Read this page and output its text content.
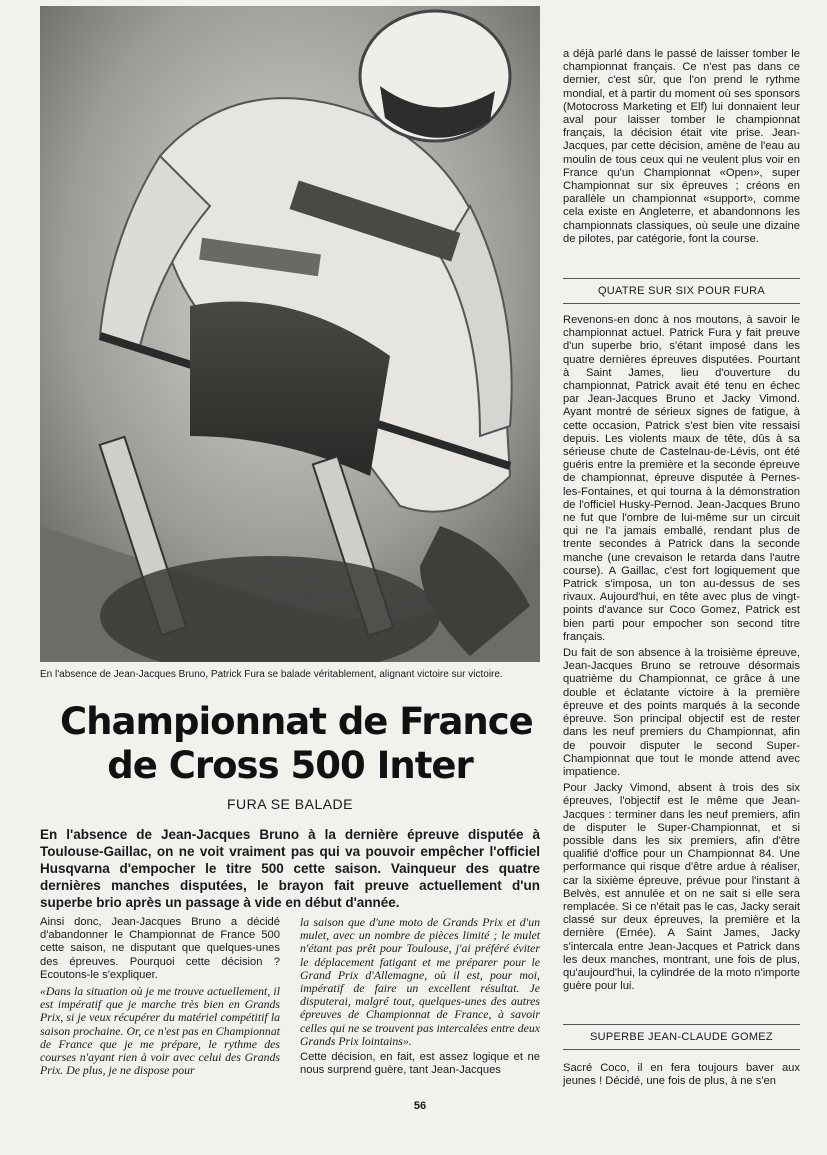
En l'absence de Jean-Jacques Bruno, Patrick Fura se balade véritablement, alignant victoire sur victoire.
Championnat de France
de Cross 500 Inter
FURA SE BALADE
En l'absence de Jean-Jacques Bruno à la dernière épreuve disputée à Toulouse-Gaillac, on ne voit vraiment pas qui va pouvoir empêcher l'officiel Husqvarna d'empocher le titre 500 cette saison. Vainqueur des quatre dernières manches disputées, le brayon fait preuve actuellement d'un superbe brio après un passage à vide en début d'année.

Ainsi donc, Jean-Jacques Bruno a décidé d'abandonner le Championnat de France 500 cette saison, ne disputant que quelques-unes des épreuves. Pourquoi cette décision ? Ecoutons-le s'expliquer.

«Dans la situation où je me trouve actuellement, il est impératif que je marche très bien en Grands Prix, si je veux récupérer du matériel compétitif la saison prochaine. Or, ce n'est pas en Championnat de France que je me prépare, le rythme des courses n'ayant rien à voir avec celui des Grands Prix. De plus, je ne dispose pour

la saison que d'une moto de Grands Prix et d'un mulet, avec un nombre de pièces limité ; le mulet n'étant pas prêt pour Toulouse, j'ai préféré éviter le déplacement fatigant et me préparer pour le Grand Prix d'Allemagne, où il est, pour moi, impératif de faire un excellent résultat. Je disputerai, malgré tout, quelques-unes des autres épreuves de Championnat de France, à savoir celles qui ne se trouvent pas intercalées entre deux Grands Prix lointains».

Cette décision, en fait, est assez logique et ne nous surprend guère, tant Jean-Jacques

a déjà parlé dans le passé de laisser tomber le championnat français. Ce n'est pas dans ce dernier, c'est sûr, que l'on prend le rythme mondial, et à partir du moment où ses sponsors (Motocross Marketing et Elf) lui donnaient leur aval pour laisser tomber le championnat français, la décision était vite prise. Jean-Jacques, par cette décision, amène de l'eau au moulin de tous ceux qui ne veulent plus voir en France qu'un Championnat «Open», super Championnat sur six épreuves ; créons en parallèle un championnat «support», comme cela existe en Angleterre, et abandonnons les championnats classiques, où seule une dizaine de pilotes, par catégorie, font la course.

QUATRE SUR SIX POUR FURA

Revenons-en donc à nos moutons, à savoir le championnat actuel. Patrick Fura y fait preuve d'un superbe brio, s'étant imposé dans les quatre dernières épreuves disputées. Pourtant à Saint James, lieu d'ouverture du championnat, Patrick avait été tenu en échec par Jean-Jacques Bruno et Jacky Vimond. Ayant montré de sérieux signes de fatigue, à cette occasion, Patrick s'est bien vite ressaisi depuis. Les violents maux de tête, dûs à sa sérieuse chute de Castelnau-de-Lévis, ont été guéris entre la première et la seconde épreuve de championnat, épreuve disputée à Pernes-les-Fontaines, et qui tourna à la démonstration de l'officiel Husky-Pernod. Jean-Jacques Bruno ne fut que l'ombre de lui-même sur un circuit qui ne l'a jamais emballé, rendant plus de trente secondes à Patrick dans la seconde manche (une crevaison le retarda dans l'autre course). A Gaillac, c'est fort logiquement que Patrick s'imposa, un ton au-dessus de ses rivaux. Aujourd'hui, en tête avec plus de vingt-points d'avance sur Coco Gomez, Patrick est bien parti pour empocher son second titre français.

Du fait de son absence à la troisième épreuve, Jean-Jacques Bruno se retrouve désormais quatrième du Championnat, ce grâce à une double et éclatante victoire à la première épreuve et des points marqués à la seconde épreuve. Son principal objectif est de rester dans les neuf premiers du Championnat, afin de pouvoir disputer le second Super-Championnat que tout le monde attend avec impatience.

Pour Jacky Vimond, absent à trois des six épreuves, l'objectif est le même que Jean-Jacques : terminer dans les neuf premiers, afin de disputer le Super-Championnat, et si possible dans les six premiers, afin d'être qualifié d'office pour un Championnat 84. Une performance qui risque d'être ardue à réaliser, car la sixième épreuve, prévue pour l'instant à Belvès, est annulée et on ne sait si elle sera remplacée. Si ce n'était pas le cas, Jacky serait classé sur deux épreuves, la première et la dernière (Ernée). A Saint James, Jacky s'intercala entre Jean-Jacques et Patrick dans les deux manches, montrant, une fois de plus, qu'aujourd'hui, la cylindrée de la moto n'importe guère pour lui.

SUPERBE JEAN-CLAUDE GOMEZ

Sacré Coco, il en fera toujours baver aux jeunes ! Décidé, une fois de plus, à ne s'en

56
